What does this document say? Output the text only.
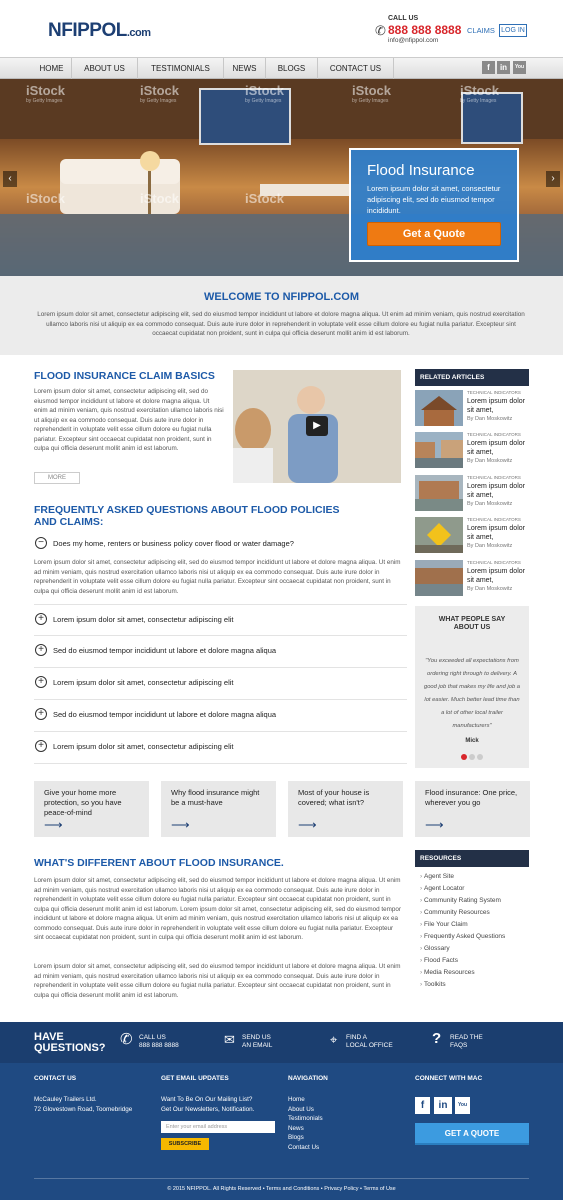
NFIPPOL.com	✆
CALL US
888 888 8888
info@nfippol.com
CLAIMS LOG IN
HOME	ABOUT US	TESTIMONIALS	NEWS	BLOGS	CONTACT US	f	in	You
iStock
by Getty Images
iStock
by Getty Images
iStock
by Getty Images
iStock
by Getty Images
iStock
by Getty Images
iStock	iStock	iStock
‹	›
Flood Insurance
Lorem ipsum dolor sit amet, consectetur adipiscing elit, sed do eiusmod tempor incididunt.
Get a Quote
WELCOME TO NFIPPOL.COM

Lorem ipsum dolor sit amet, consectetur adipiscing elit, sed do eiusmod tempor incididunt ut labore et dolore magna aliqua. Ut enim ad minim veniam, quis nostrud exercitation ullamco laboris nisi ut aliquip ex ea commodo consequat. Duis aute irure dolor in reprehenderit in voluptate velit esse cillum dolore eu fugiat nulla pariatur. Excepteur sint occaecat cupidatat non proident, sunt in culpa qui officia deserunt mollit anim id est laborum.

FLOOD INSURANCE CLAIM BASICS
Lorem ipsum dolor sit amet, consectetur adipiscing elit, sed do eiusmod tempor incididunt ut labore et dolore magna aliqua. Ut enim ad minim veniam, quis nostrud exercitation ullamco laboris nisi ut aliquip ex ea commodo consequat. Duis aute irure dolor in reprehenderit in voluptate velit esse cillum dolore eu fugiat nulla pariatur. Excepteur sint occaecat cupidatat non proident, sunt in culpa qui officia deserunt mollit anim id est laborum.
MORE
▶
FREQUENTLY ASKED QUESTIONS ABOUT FLOOD POLICIES AND CLAIMS:
−	Does my home, renters or business policy cover flood or water damage?
Lorem ipsum dolor sit amet, consectetur adipiscing elit, sed do eiusmod tempor incididunt ut labore et dolore magna aliqua. Ut enim ad minim veniam, quis nostrud exercitation ullamco laboris nisi ut aliquip ex ea commodo consequat. Duis aute irure dolor in reprehenderit in voluptate velit esse cillum dolore eu fugiat nulla pariatur. Excepteur sint occaecat cupidatat non proident, sunt in culpa qui officia deserunt mollit anim id est laborum.
+	Lorem ipsum dolor sit amet, consectetur adipiscing elit
+	Sed do eiusmod tempor incididunt ut labore et dolore magna aliqua
+	Lorem ipsum dolor sit amet, consectetur adipiscing elit
+	Sed do eiusmod tempor incididunt ut labore et dolore magna aliqua
+	Lorem ipsum dolor sit amet, consectetur adipiscing elit
RELATED ARTICLES
TECHNICAL INDICATORS
Lorem ipsum dolor sit amet,
By Dan Moskowitz
TECHNICAL INDICATORS
Lorem ipsum dolor sit amet,
By Dan Moskowitz
TECHNICAL INDICATORS
Lorem ipsum dolor sit amet,
By Dan Moskowitz
TECHNICAL INDICATORS
Lorem ipsum dolor sit amet,
By Dan Moskowitz
TECHNICAL INDICATORS
Lorem ipsum dolor sit amet,
By Dan Moskowitz
WHAT PEOPLE SAY ABOUT US
"You exceeded all expectations from ordering right through to delivery. A good job that makes my life and job a lot easier. Much better lead time than a lot of other local trailer manufacturers"
Mick
Give your home more protection, so you have peace-of-mind
⟶
Why flood insurance might be a must-have
⟶
Most of your house is covered; what isn't?
⟶
Flood insurance: One price, wherever you go
⟶
WHAT'S DIFFERENT ABOUT FLOOD INSURANCE.
Lorem ipsum dolor sit amet, consectetur adipiscing elit, sed do eiusmod tempor incididunt ut labore et dolore magna aliqua. Ut enim ad minim veniam, quis nostrud exercitation ullamco laboris nisi ut aliquip ex ea commodo consequat. Duis aute irure dolor in reprehenderit in voluptate velit esse cillum dolore eu fugiat nulla pariatur. Excepteur sint occaecat cupidatat non proident, sunt in culpa qui officia deserunt mollit anim id est laborum. Lorem ipsum dolor sit amet, consectetur adipiscing elit, sed do eiusmod tempor incididunt ut labore et dolore magna aliqua. Ut enim ad minim veniam, quis nostrud exercitation ullamco laboris nisi ut aliquip ex ea commodo consequat. Duis aute irure dolor in reprehenderit in voluptate velit esse cillum dolore eu fugiat nulla pariatur. Excepteur sint occaecat cupidatat non proident, sunt in culpa qui officia deserunt mollit anim id est laborum.
Lorem ipsum dolor sit amet, consectetur adipiscing elit, sed do eiusmod tempor incididunt ut labore et dolore magna aliqua. Ut enim ad minim veniam, quis nostrud exercitation ullamco laboris nisi ut aliquip ex ea commodo consequat. Duis aute irure dolor in reprehenderit in voluptate velit esse cillum dolore eu fugiat nulla pariatur. Excepteur sint occaecat cupidatat non proident, sunt in culpa qui officia deserunt mollit anim id est laborum.
RESOURCES
› Agent Site
› Agent Locator
› Community Rating System
› Community Resources
› File Your Claim
› Frequently Asked Questions
› Glossary
› Flood Facts
› Media Resources
› Toolkits
HAVE QUESTIONS? ✆ CALL US
888 888 8888	✉ SEND US
AN EMAIL	⌖ FIND A
LOCAL OFFICE	? READ THE
FAQS
CONTACT US
McCauley Trailers Ltd.
72 Glovestown Road, Toomebridge
GET EMAIL UPDATES
Want To Be On Our Mailing List?
Get Our Newsletters, Notification.
NAVIGATION
Home
About Us
Testimonials
News
Blogs
Contact Us
CONNECT WITH MAC
Enter your email address
SUBSCRIBE
f	in	You
GET A QUOTE
© 2015 NFIPPOL. All Rights Reserved • Terms and Conditions • Privacy Policy • Terms of Use
